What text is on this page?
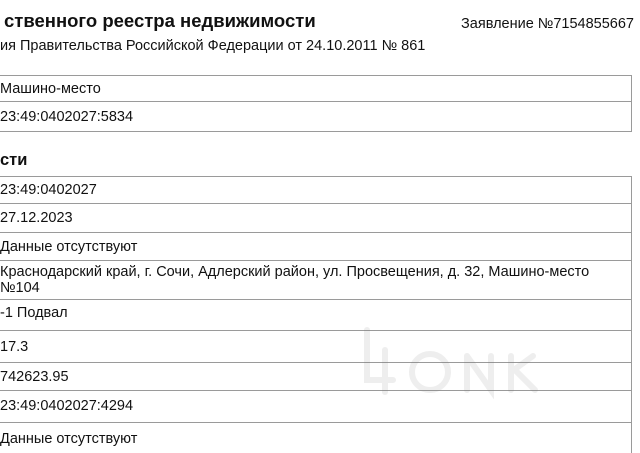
ственного реестра недвижимости	Заявление №7154855667
ия Правительства Российской Федерации от 24.10.2011 № 861
Машино-место
23:49:0402027:5834
сти
23:49:0402027
27.12.2023
Данные отсутствуют
Краснодарский край, г. Сочи, Адлерский район, ул. Просвещения, д. 32, Машино-место
№104
-1 Подвал
17.3
742623.95
23:49:0402027:4294
Данные отсутствуют
